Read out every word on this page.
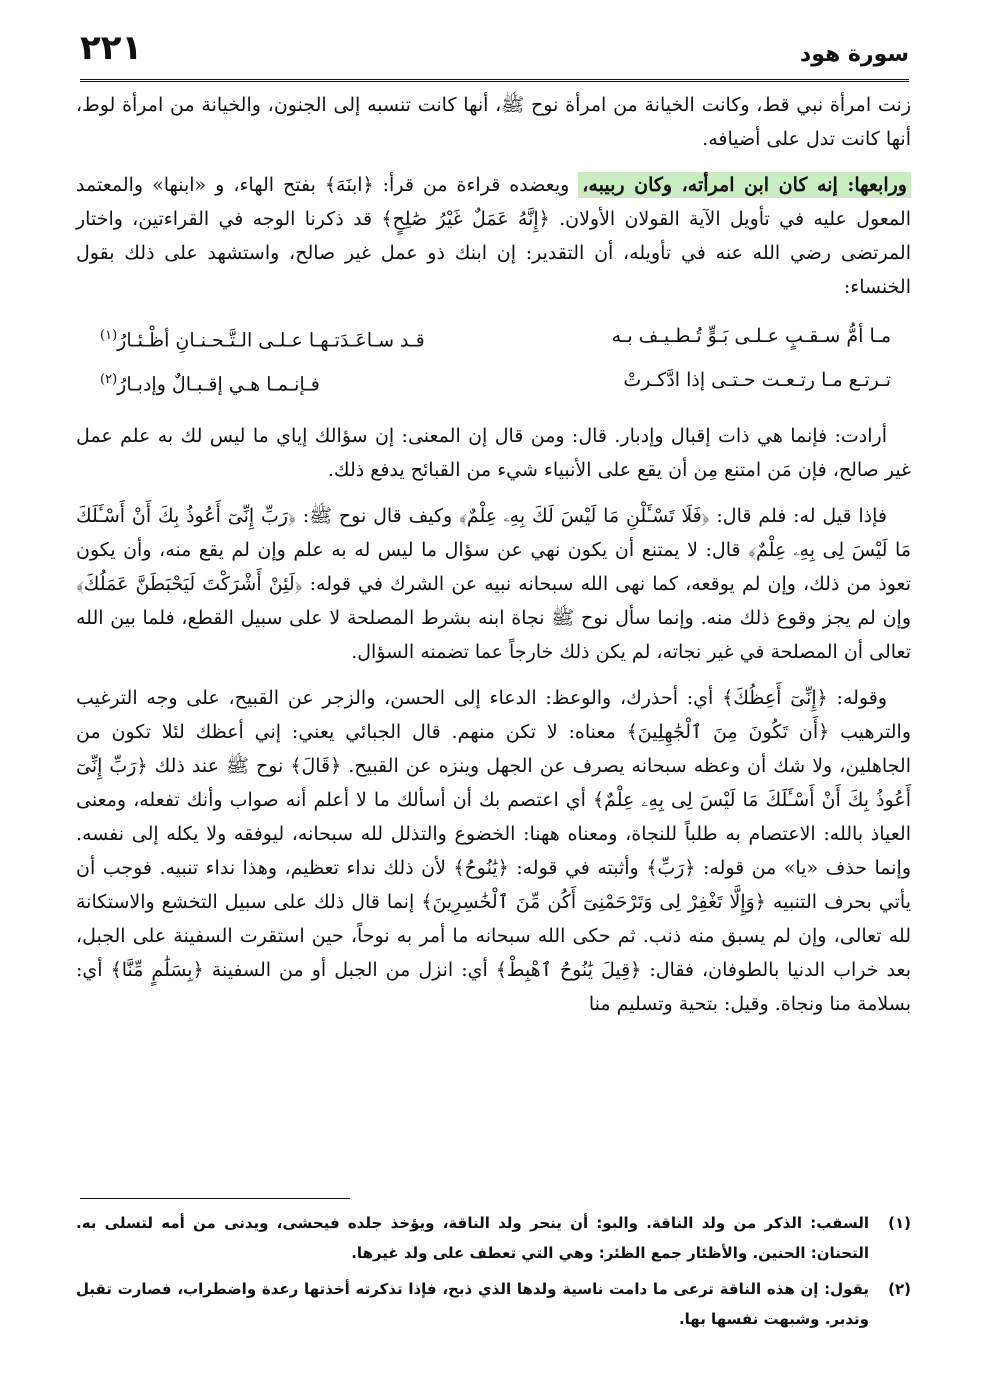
٢٢١	سورة هود

زنت امرأة نبي قط، وكانت الخيانة من امرأة نوح ﷺ، أنها كانت تنسبه إلى الجنون، والخيانة من امرأة لوط، أنها كانت تدل على أضيافه.

ورابعها: إنه كان ابن امرأته، وكان ربيبه، ويعضده قراءة من قرأ: ﴿ابنَهَ﴾ بفتح الهاء، و «ابنها» والمعتمد المعول عليه في تأويل الآية القولان الأولان. ﴿إِنَّهُ عَمَلٌ غَيْرُ صَٰلِحٍ﴾ قد ذكرنا الوجه في القراءتين، واختار المرتضى رضي الله عنه في تأويله، أن التقدير: إن ابنك ذو عمل غير صالح، واستشهد على ذلك بقول الخنساء:

مـا أمُّ سـقـبٍ عـلـى بَـوٍّ تُـطـيـف بـه
قـد سـاعَـدَتـهـا عـلـى الـتَّـحـنـانِ أظْـئـارُ$^{(١)}$
تـرتـع مـا رتـعـت حـتـى إذا ادَّكـرتْ
فـإنـمـا هـي إقـبـالٌ وإدبـارُ$^{(٢)}$

أرادت: فإنما هي ذات إقبال وإدبار. قال: ومن قال إن المعنى: إن سؤالك إياي ما ليس لك به علم عمل غير صالح، فإن مَن امتنع مِن أن يقع على الأنبياء شيء من القبائح يدفع ذلك.

فإذا قيل له: فلم قال: ﴿فَلَا تَسْـَٔلْنِ مَا لَيْسَ لَكَ بِهِۦ عِلْمٌ﴾ وكيف قال نوح ﷺ: ﴿رَبِّ إِنِّىٓ أَعُوذُ بِكَ أَنْ أَسْـَٔلَكَ مَا لَيْسَ لِى بِهِۦ عِلْمٌ﴾ قال: لا يمتنع أن يكون نهي عن سؤال ما ليس له به علم وإن لم يقع منه، وأن يكون تعوذ من ذلك، وإن لم يوقعه، كما نهى الله سبحانه نبيه عن الشرك في قوله: ﴿لَئِنْ أَشْرَكْتَ لَيَحْبَطَنَّ عَمَلُكَ﴾ وإن لم يجز وقوع ذلك منه. وإنما سأل نوح ﷺ نجاة ابنه بشرط المصلحة لا على سبيل القطع، فلما بين الله تعالى أن المصلحة في غير نجاته، لم يكن ذلك خارجاً عما تضمنه السؤال.

وقوله: ﴿إِنِّىٓ أَعِظُكَ﴾ أي: أحذرك، والوعظ: الدعاء إلى الحسن، والزجر عن القبيح، على وجه الترغيب والترهيب ﴿أَن تَكُونَ مِنَ ٱلْجَٰهِلِينَ﴾ معناه: لا تكن منهم. قال الجبائي يعني: إني أعظك لئلا تكون من الجاهلين، ولا شك أن وعظه سبحانه يصرف عن الجهل وينزه عن القبيح. ﴿قَالَ﴾ نوح ﷺ عند ذلك ﴿رَبِّ إِنِّىٓ أَعُوذُ بِكَ أَنْ أَسْـَٔلَكَ مَا لَيْسَ لِى بِهِۦ عِلْمٌ﴾ أي اعتصم بك أن أسألك ما لا أعلم أنه صواب وأنك تفعله، ومعنى العياذ بالله: الاعتصام به طلباً للنجاة، ومعناه ههنا: الخضوع والتذلل لله سبحانه، ليوفقه ولا يكله إلى نفسه. وإنما حذف «يا» من قوله: ﴿رَبِّ﴾ وأثبته في قوله: ﴿يَٰنُوحُ﴾ لأن ذلك نداء تعظيم، وهذا نداء تنبيه. فوجب أن يأتي بحرف التنبيه ﴿وَإِلَّا تَغْفِرْ لِى وَتَرْحَمْنِىٓ أَكُن مِّنَ ٱلْخَٰسِرِينَ﴾ إنما قال ذلك على سبيل التخشع والاستكانة لله تعالى، وإن لم يسبق منه ذنب. ثم حكى الله سبحانه ما أمر به نوحاً، حين استقرت السفينة على الجبل، بعد خراب الدنيا بالطوفان، فقال: ﴿قِيلَ يَٰنُوحُ ٱهْبِطْ﴾ أي: انزل من الجبل أو من السفينة ﴿بِسَلَٰمٍ مِّنَّا﴾ أي: بسلامة منا ونجاة. وقيل: بتحية وتسليم منا

(١)
السقب: الذكر من ولد الناقة. والبو: أن ينحر ولد الناقة، ويؤخذ جلده فيحشى، ويدنى من أمه لتسلى به. التحنان: الحنين. والأظئار جمع الظئر: وهي التي تعطف على ولد غيرها.
(٢)
يقول: إن هذه الناقة ترعى ما دامت ناسية ولدها الذي ذبح، فإذا تذكرته أخذتها رعدة واضطراب، فصارت تقبل وتدبر. وشبهت نفسها بها.
